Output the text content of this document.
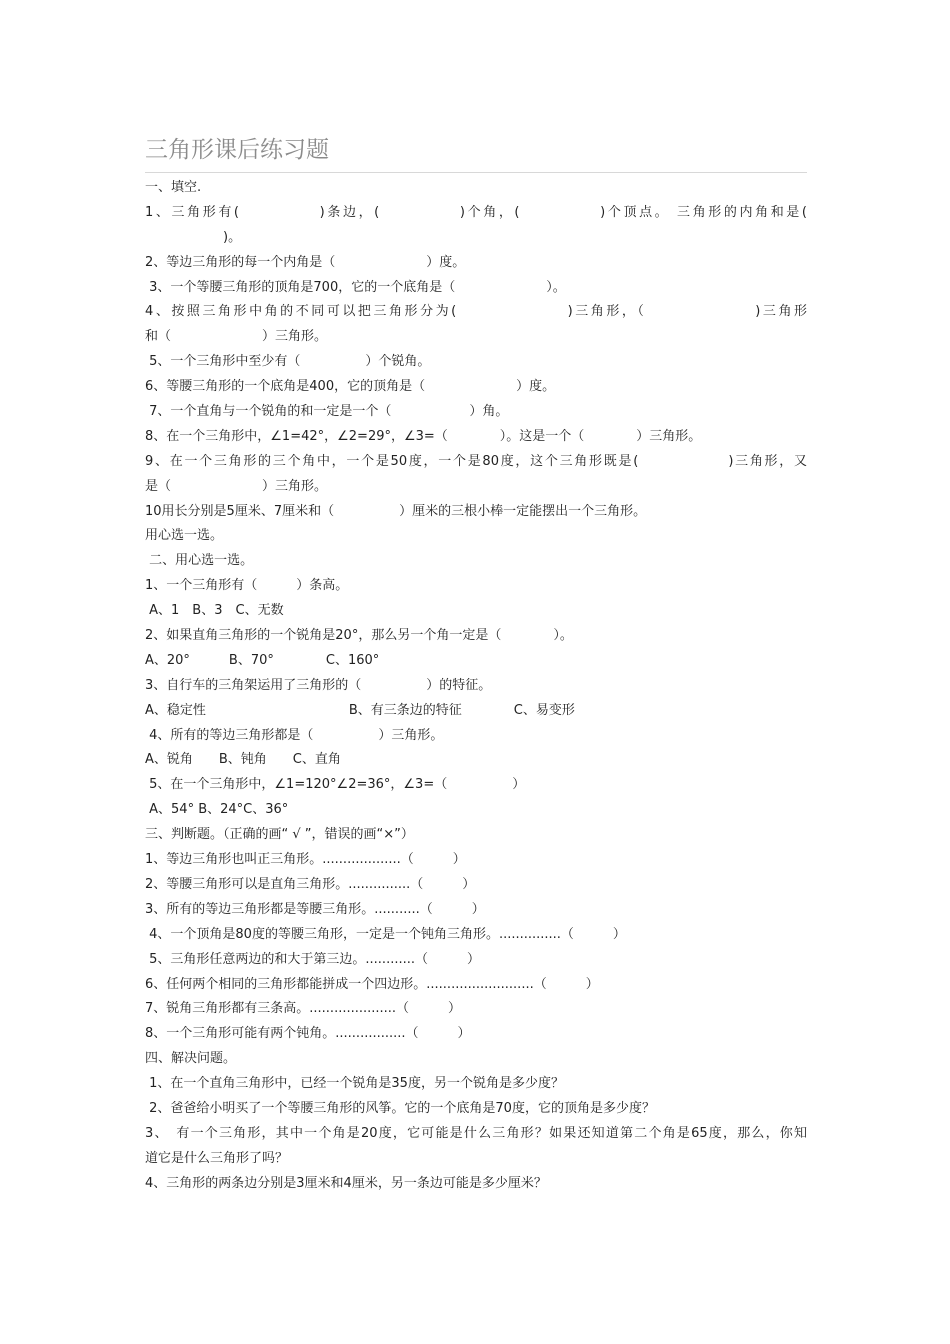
三角形课后练习题
一、填空.
1、三角形有(　　　　　)条边，(　　　　　)个角，(　　　　　)个顶点。 三角形的内角和是(
　　　　　　)。
2、等边三角形的每一个内角是（　　　　　　　）度。
3、一个等腰三角形的顶角是700，它的一个底角是（　　　　　　　）。
4、按照三角形中角的不同可以把三角形分为(　　　　　　　)三角形，（　　　　　　　)三角形
和（　　　　　　　）三角形。
5、一个三角形中至少有（　　　　　）个锐角。
6、等腰三角形的一个底角是400，它的顶角是（　　　　　　　）度。
7、一个直角与一个锐角的和一定是一个（　　　　　　）角。
8、在一个三角形中，∠1=42°，∠2=29°，∠3=（　　　　）。这是一个（　　　　）三角形。
9、在一个三角形的三个角中，一个是50度，一个是80度，这个三角形既是(　　　　　　)三角形，又
是（　　　　　　　）三角形。
10用长分别是5厘米、7厘米和（　　　　　）厘米的三根小棒一定能摆出一个三角形。
用心选一选。
二、用心选一选。
1、一个三角形有（　　　）条高。
A、1　B、3　C、无数
2、如果直角三角形的一个锐角是20°，那么另一个角一定是（　　　　）。
A、20°　　　B、70°　　　　C、160°
3、自行车的三角架运用了三角形的（　　　　　）的特征。
A、稳定性　　　　　　　　　　　B、有三条边的特征　　　　C、易变形
4、所有的等边三角形都是（　　　　　）三角形。
A、锐角　　B、钝角　　C、直角
5、在一个三角形中，∠1=120°∠2=36°，∠3=（　　　　　）
A、54° B、24°C、36°
三、判断题。（正确的画“ √ ”，错误的画“×”）
1、等边三角形也叫正三角形。...................（　　　）
2、等腰三角形可以是直角三角形。...............（　　　）
3、所有的等边三角形都是等腰三角形。...........（　　　）
4、一个顶角是80度的等腰三角形，一定是一个钝角三角形。...............（　　　）
5、三角形任意两边的和大于第三边。............（　　　）
6、任何两个相同的三角形都能拼成一个四边形。..........................（　　　）
7、锐角三角形都有三条高。.....................（　　　）
8、一个三角形可能有两个钝角。.................（　　　）
四、解决问题。
1、在一个直角三角形中，已经一个锐角是35度，另一个锐角是多少度？
2、爸爸给小明买了一个等腰三角形的风筝。它的一个底角是70度，它的顶角是多少度？
3、　有一个三角形，其中一个角是20度，它可能是什么三角形？如果还知道第二个角是65度，那么，你知
道它是什么三角形了吗？
4、三角形的两条边分别是3厘米和4厘米，另一条边可能是多少厘米？
